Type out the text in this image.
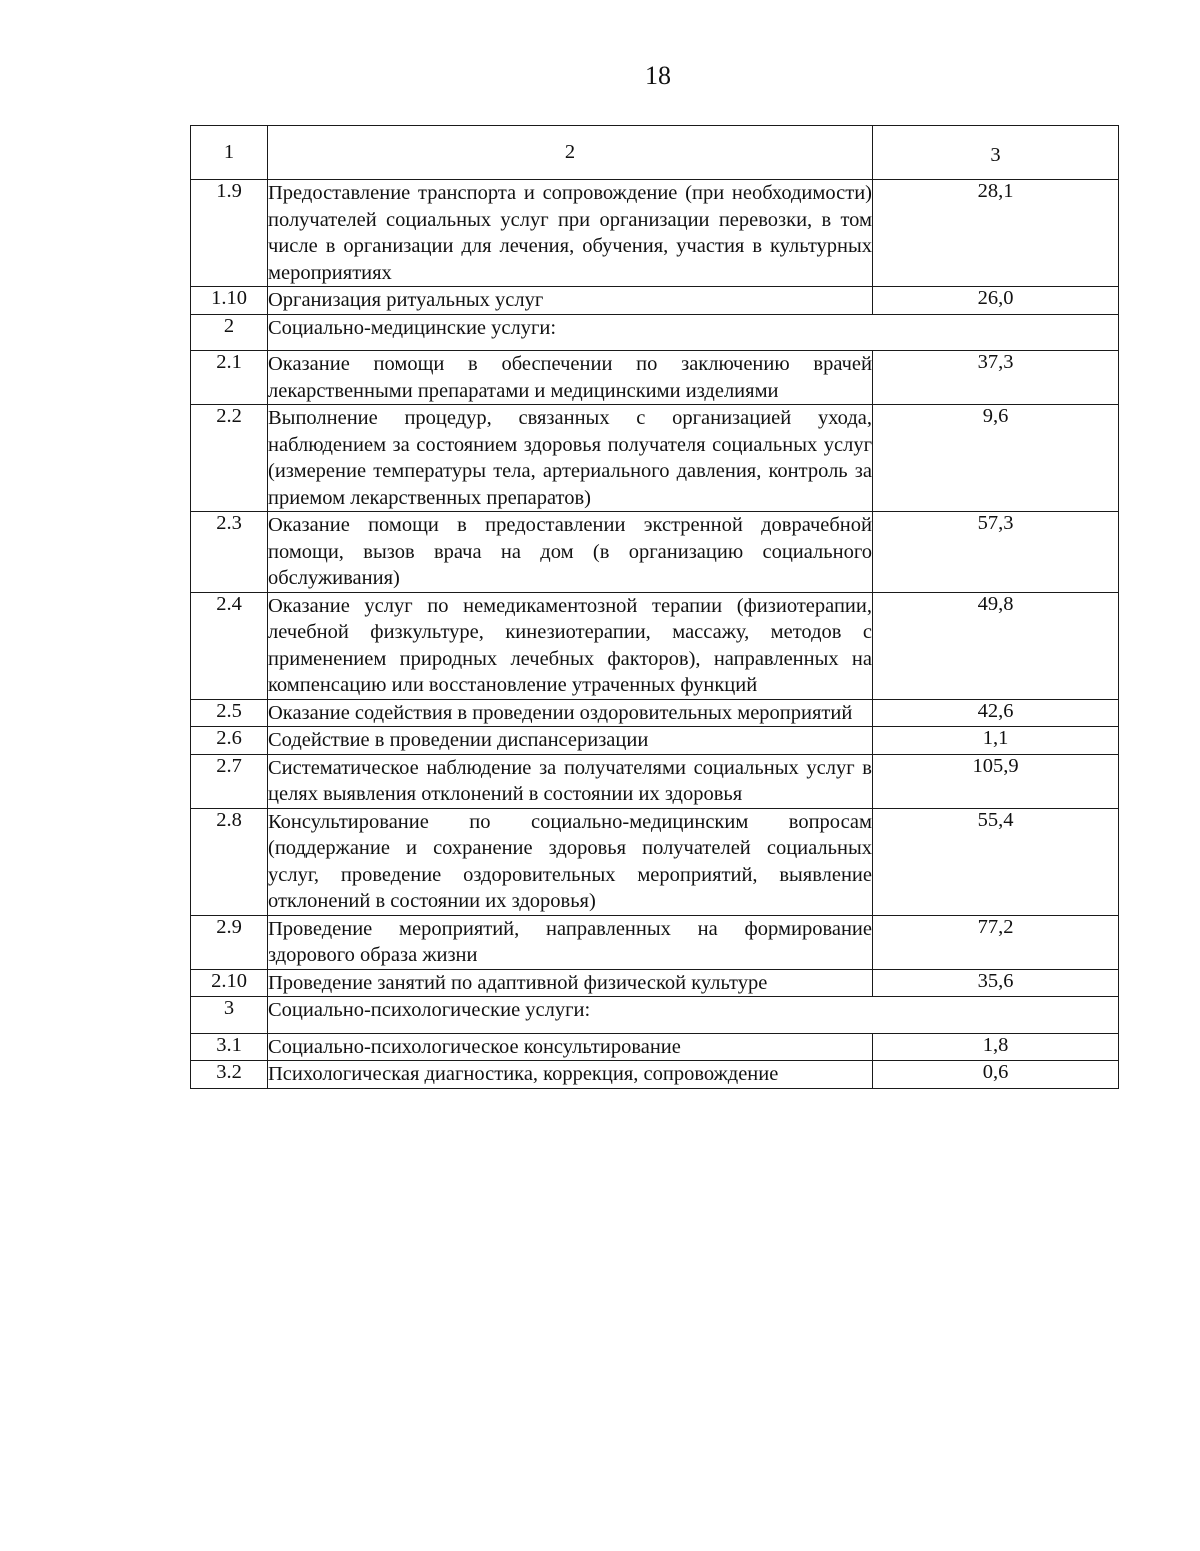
18
1	2	3
1.9	Предоставление транспорта и сопровождение (при необходимости) получателей социальных услуг при организации перевозки, в том числе в организации для лечения, обучения, участия в культурных мероприятиях	28,1
1.10	Организация ритуальных услуг	26,0
2	Социально-медицинские услуги:	
2.1	Оказание помощи в обеспечении по заключению врачей лекарственными препаратами и медицинскими изделиями	37,3
2.2	Выполнение процедур, связанных с организацией ухода, наблюдением за состоянием здоровья получателя социальных услуг (измерение температуры тела, артериального давления, контроль за приемом лекарственных препаратов)	9,6
2.3	Оказание помощи в предоставлении экстренной доврачебной помощи, вызов врача на дом (в организацию социального обслуживания)	57,3
2.4	Оказание услуг по немедикаментозной терапии (физиотерапии, лечебной физкультуре, кинезиотерапии, массажу, методов с применением природных лечебных факторов), направленных на компенсацию или восстановление утраченных функций	49,8
2.5	Оказание содействия в проведении оздоровительных мероприятий	42,6
2.6	Содействие в проведении диспансеризации	1,1
2.7	Систематическое наблюдение за получателями социальных услуг в целях выявления отклонений в состоянии их здоровья	105,9
2.8	Консультирование по социально-медицинским вопросам (поддержание и сохранение здоровья получателей социальных услуг, проведение оздоровительных мероприятий, выявление отклонений в состоянии их здоровья)	55,4
2.9	Проведение мероприятий, направленных на формирование здорового образа жизни	77,2
2.10	Проведение занятий по адаптивной физической культуре	35,6
3	Социально-психологические услуги:	
3.1	Социально-психологическое консультирование	1,8
3.2	Психологическая диагностика, коррекция, сопровождение	0,6
